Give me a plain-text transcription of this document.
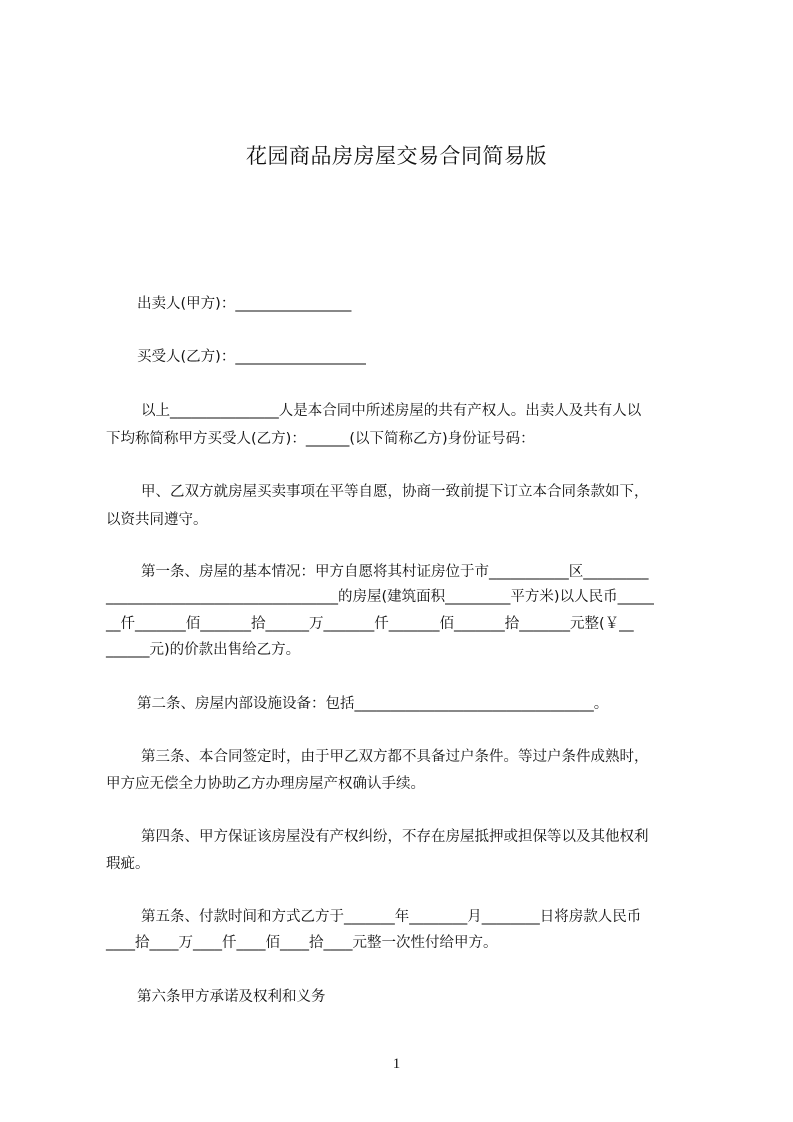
花园商品房房屋交易合同简易版
出卖人(甲方)：________________
买受人(乙方)：__________________
以上_______________人是本合同中所述房屋的共有产权人。出卖人及共有人以
下均称简称甲方买受人(乙方)：______(以下简称乙方)身份证号码：
甲、乙双方就房屋买卖事项在平等自愿，协商一致前提下订立本合同条款如下，
以资共同遵守。
第一条、房屋的基本情况：甲方自愿将其村证房位于市___________区_________
________________________________的房屋(建筑面积_________平方米)以人民币_____
__仟_______佰_______拾______万_______仟_______佰_______拾_______元整(￥__
______元)的价款出售给乙方。
第二条、房屋内部设施设备：包括_________________________________。
第三条、本合同签定时，由于甲乙双方都不具备过户条件。等过户条件成熟时，
甲方应无偿全力协助乙方办理房屋产权确认手续。
第四条、甲方保证该房屋没有产权纠纷，不存在房屋抵押或担保等以及其他权利
瑕疵。
第五条、付款时间和方式乙方于_______年________月________日将房款人民币
____拾____万____仟____佰____拾____元整一次性付给甲方。
第六条甲方承诺及权利和义务
1
